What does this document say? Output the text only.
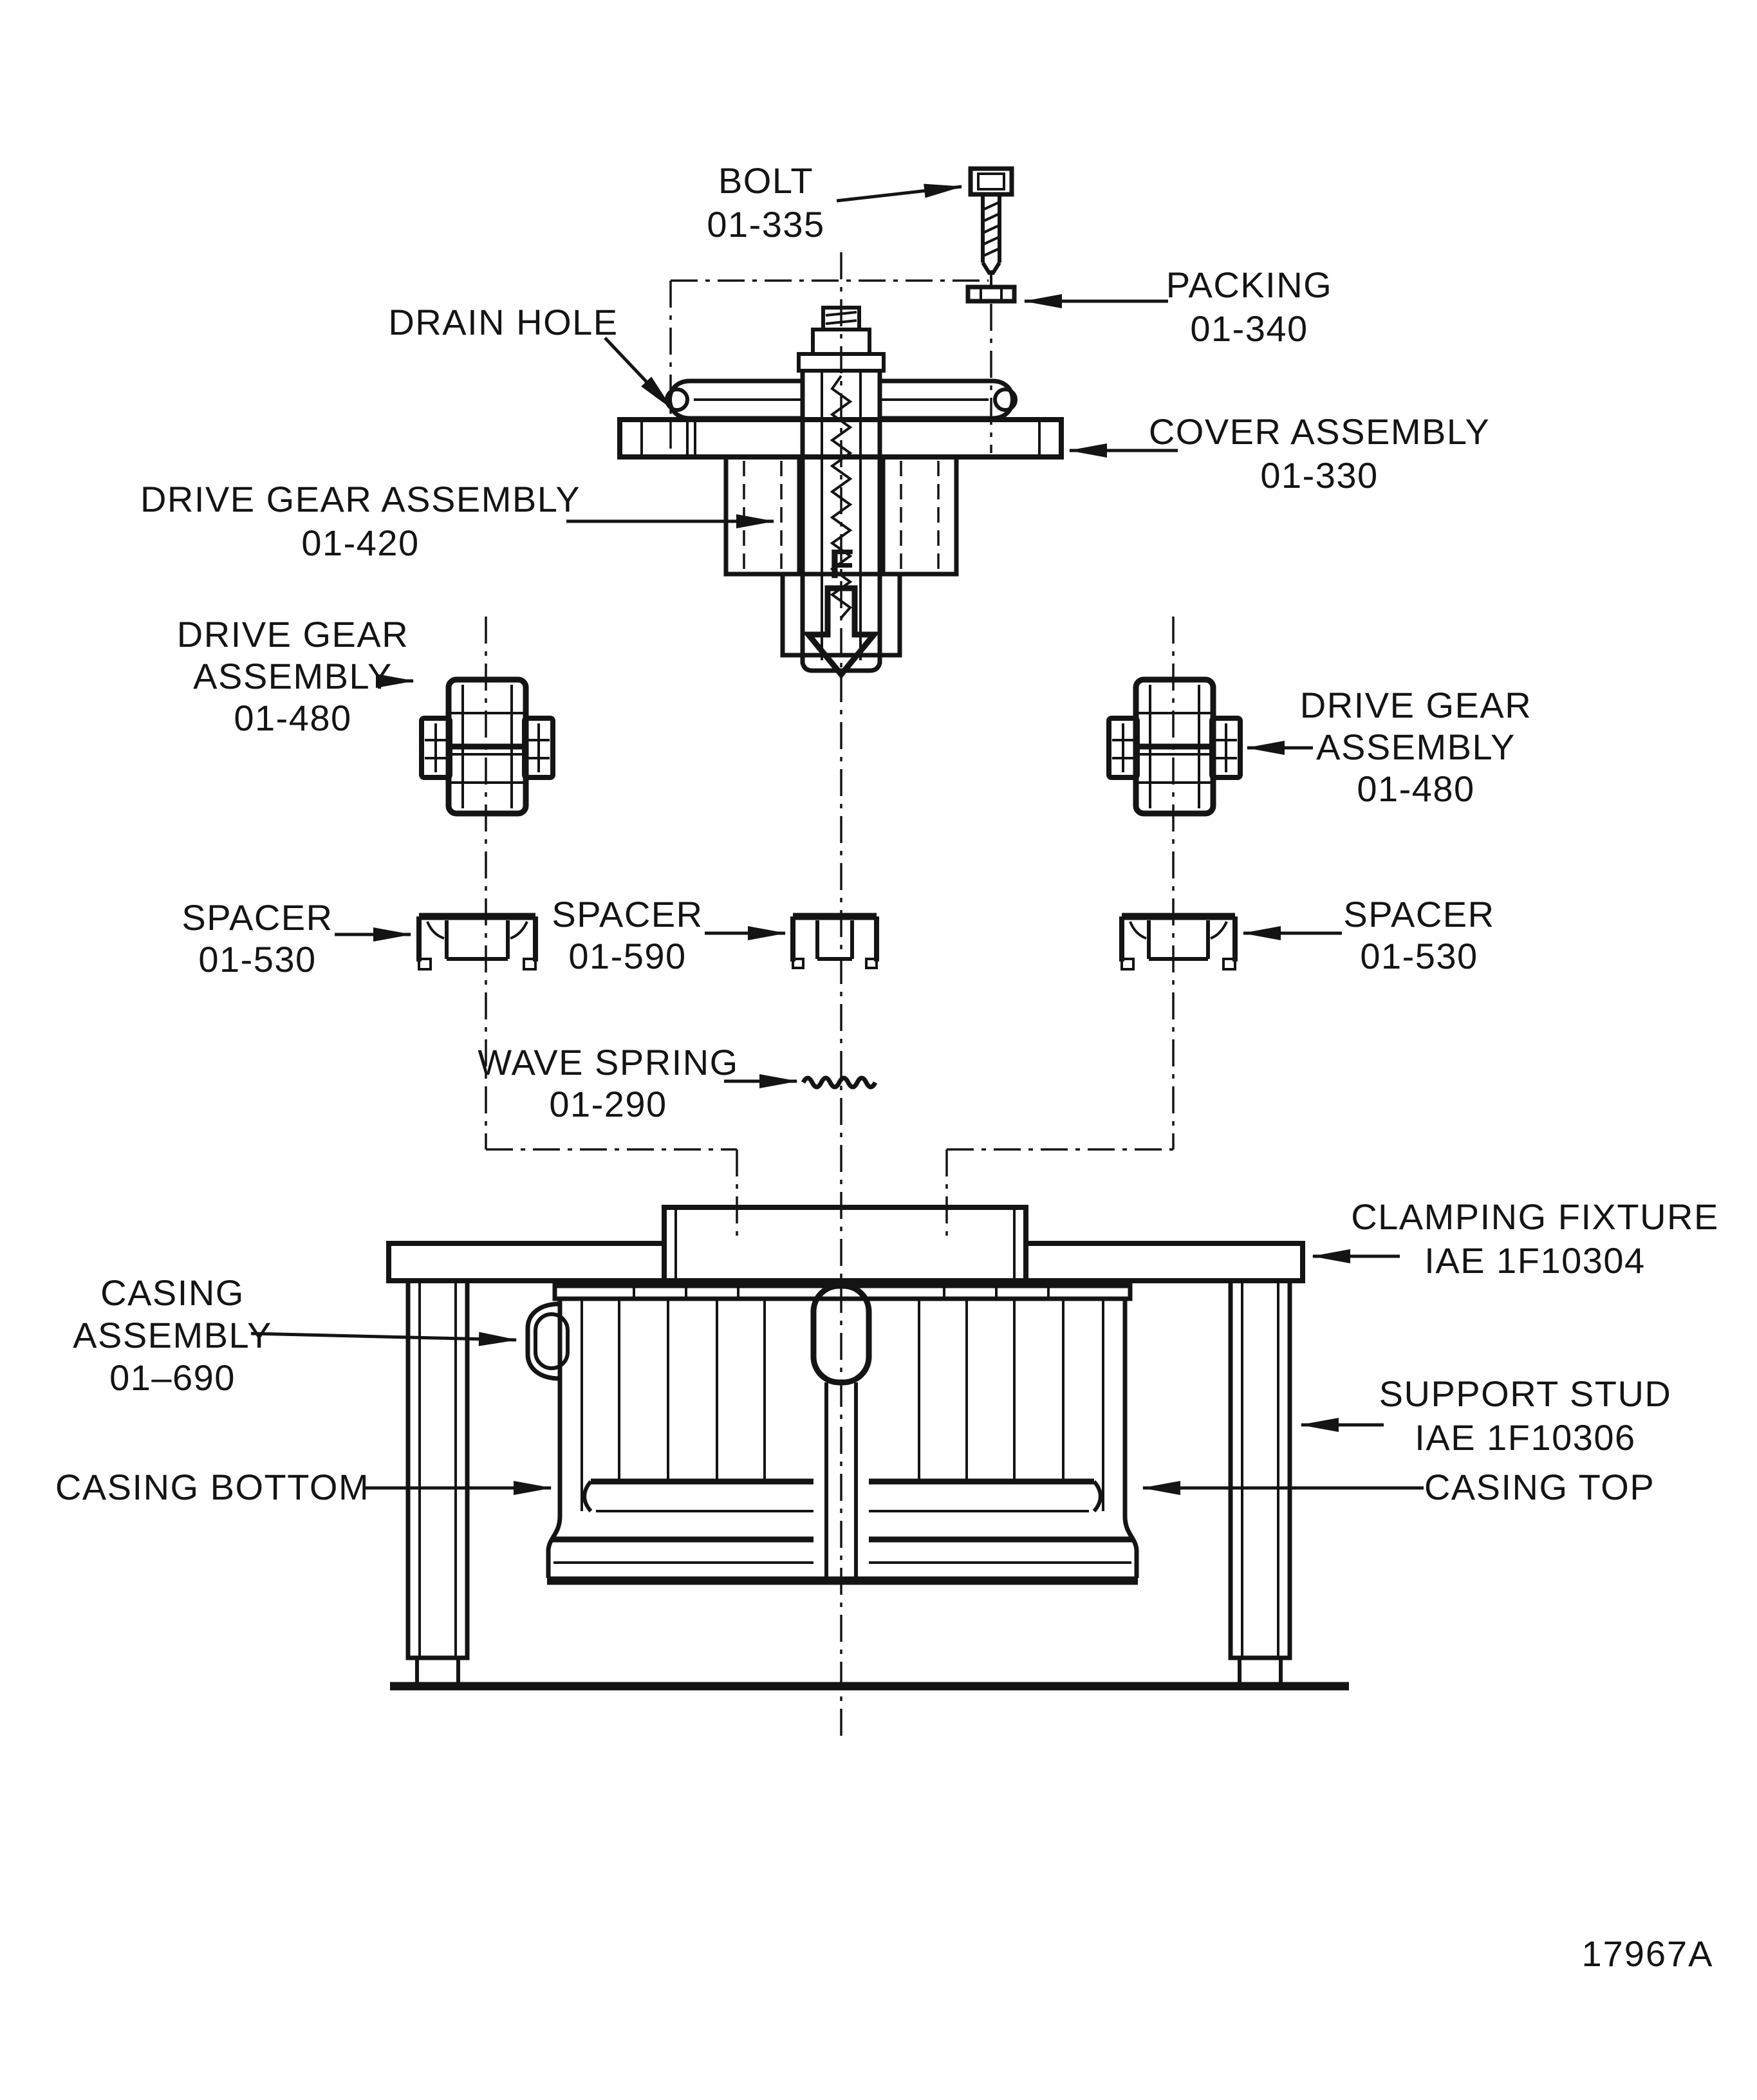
BOLT
01-335
PACKING
01-340
DRAIN HOLE
COVER ASSEMBLY
01-330
DRIVE GEAR ASSEMBLY
01-420	F
DRIVE GEAR
ASSEMBLY
01-480	DRIVE GEAR
ASSEMBLY
01-480
SPACER
01-530
SPACER
01-590
SPACER
01-530
WAVE SPRING
01-290
CLAMPING FIXTURE
IAE 1F10304
CASING
ASSEMBLY
01–690	SUPPORT STUD
IAE 1F10306
CASING BOTTOM	CASING TOP
17967A
